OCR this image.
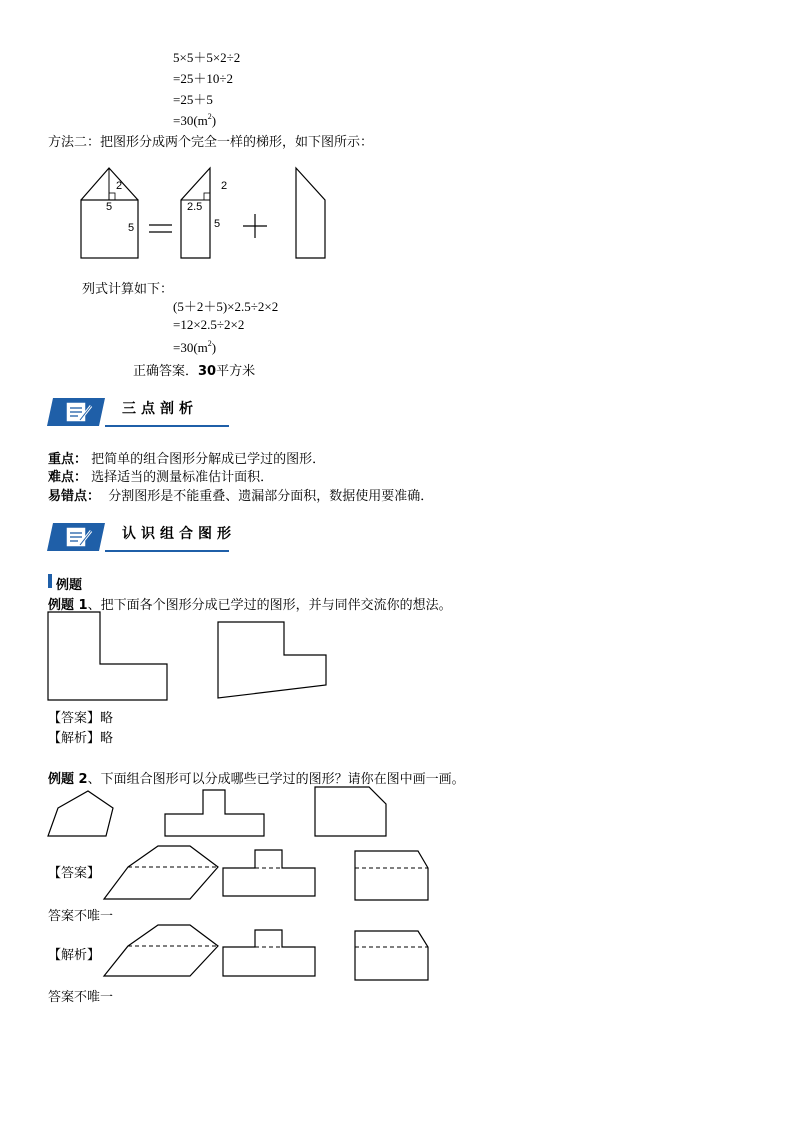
5×5＋5×2÷2
=25＋10÷2
=25＋5
$=30(m^2)$
方法二：把图形分成两个完全一样的梯形，如下图所示：
2
5
5
2
2.5
5
列式计算如下：
(5＋2＋5)×2.5÷2×2
=12×2.5÷2×2
$=30(m^2)$
正确答案．30平方米
三点剖析
重点： 把简单的组合图形分解成已学过的图形．
难点： 选择适当的测量标准估计面积．
易错点： 分割图形是不能重叠、遗漏部分面积，数据使用要准确．
认识组合图形
例题
例题 1、把下面各个图形分成已学过的图形，并与同伴交流你的想法。
【答案】略
【解析】略
例题 2、下面组合图形可以分成哪些已学过的图形？请你在图中画一画。
【答案】
答案不唯一
【解析】
答案不唯一
